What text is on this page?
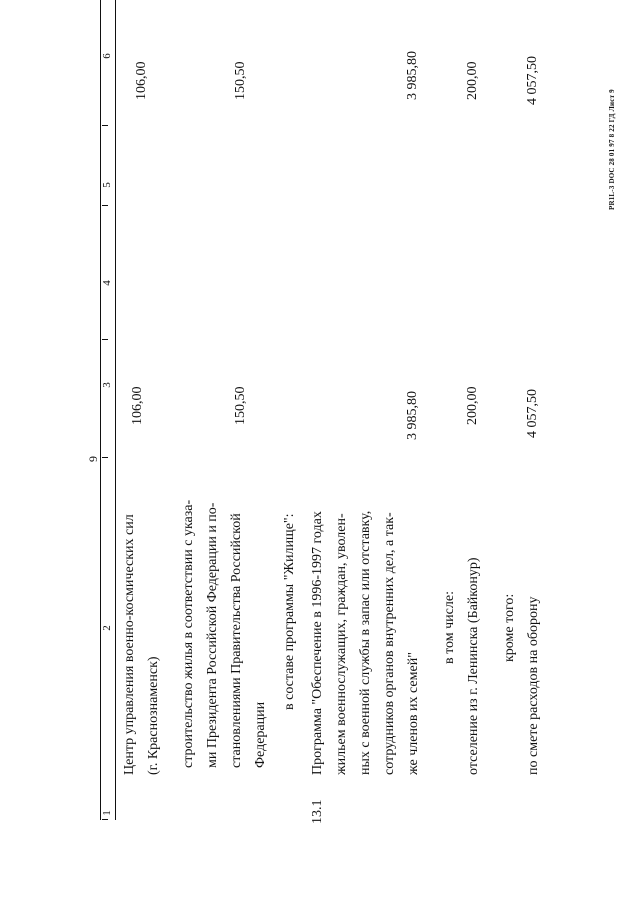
9
1
2
3
4
5
6
Центр управления военно-космических сил (г. Краснознаменск)
106,00
106,00
строительство жилья в соответствии с указа- ми Президента Российской Федерации и по- становлениями Правительства Российской Федерации
150,50
150,50
в составе программы "Жилище":
13.1
Программа "Обеспечение в 1996-1997 годах жильем военнослужащих, граждан, уволен- ных с военной службы в запас или отставку, сотрудников органов внутренних дел, а так- же членов их семей"
3 985,80
3 985,80
в том числе: отселение из г. Ленинска (Байконур)
200,00
200,00
кроме того: по смете расходов на оборону
4 057,50
4 057,50
PR1L-3 DOC 28 01 97 8 22 ГД Лист 9
